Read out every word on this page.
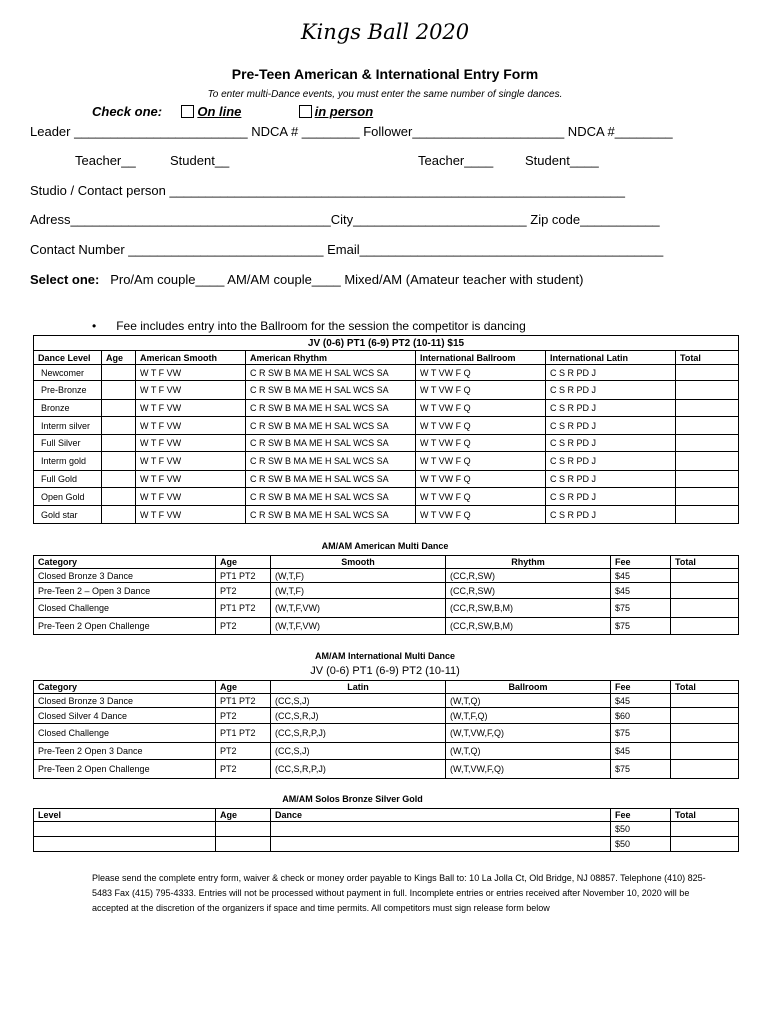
Kings Ball 2020
Pre-Teen American & International Entry Form
To enter multi-Dance events, you must enter the same number of single dances.
Check one:	On line	in person
Leader ________________________ NDCA # ________ Follower_____________________ NDCA #________
Teacher__	Student__	Teacher____ Student____
Studio / Contact person _______________________________________________________________
Adress____________________________________City________________________ Zip code___________
Contact Number ___________________________ Email__________________________________________
Select one: Pro/Am couple____ AM/AM couple____ Mixed/AM (Amateur teacher with student)
•      Fee includes entry into the Ballroom for the session the competitor is dancing
JV (0-6) PT1 (6-9) PT2 (10-11) $15						
Dance Level	Age	American Smooth	American Rhythm	International Ballroom	International Latin	Total
Newcomer		W T F VW	C R SW B MA ME H SAL WCS SA	W T VW F Q	C S R PD J	
Pre-Bronze		W T F VW	C R SW B MA ME H SAL WCS SA	W T VW F Q	C S R PD J	
Bronze		W T F VW	C R SW B MA ME H SAL WCS SA	W T VW F Q	C S R PD J	
Interm silver		W T F VW	C R SW B MA ME H SAL WCS SA	W T VW F Q	C S R PD J	
Full Silver		W T F VW	C R SW B MA ME H SAL WCS SA	W T VW F Q	C S R PD J	
Interm gold		W T F VW	C R SW B MA ME H SAL WCS SA	W T VW F Q	C S R PD J	
Full Gold		W T F VW	C R SW B MA ME H SAL WCS SA	W T VW F Q	C S R PD J	
Open Gold		W T F VW	C R SW B MA ME H SAL WCS SA	W T VW F Q	C S R PD J	
Gold star		W T F VW	C R SW B MA ME H SAL WCS SA	W T VW F Q	C S R PD J	
AM/AM American Multi Dance
Category	Age	Smooth	Rhythm	Fee	Total
Closed Bronze 3 Dance	PT1 PT2	(W,T,F)	(CC,R,SW)	$45	
Pre-Teen 2 – Open 3 Dance	PT2	(W,T,F)	(CC,R,SW)	$45	
Closed Challenge	PT1 PT2	(W,T,F,VW)	(CC,R,SW,B,M)	$75	
Pre-Teen 2 Open Challenge	PT2	(W,T,F,VW)	(CC,R,SW,B,M)	$75	
AM/AM International Multi Dance
JV (0-6) PT1 (6-9) PT2 (10-11)
Category	Age	Latin	Ballroom	Fee	Total
Closed Bronze 3 Dance	PT1 PT2	(CC,S,J)	(W,T,Q)	$45	
Closed Silver 4 Dance	PT2	(CC,S,R,J)	(W,T,F,Q)	$60	
Closed Challenge	PT1 PT2	(CC,S,R,P,J)	(W,T,VW,F,Q)	$75	
Pre-Teen 2 Open 3 Dance	PT2	(CC,S,J)	(W,T,Q)	$45	
Pre-Teen 2 Open Challenge	PT2	(CC,S,R,P,J)	(W,T,VW,F,Q)	$75	
AM/AM Solos Bronze Silver Gold
Level	Age	Dance	Fee	Total
			$50	
			$50	
Please send the complete entry form, waiver & check or money order payable to Kings Ball to: 10 La Jolla Ct, Old Bridge, NJ 08857. Telephone (410) 825-5483 Fax (415) 795-4333. Entries will not be processed without payment in full. Incomplete entries or entries received after November 10, 2020 will be accepted at the discretion of the organizers if space and time permits. All competitors must sign release form below
